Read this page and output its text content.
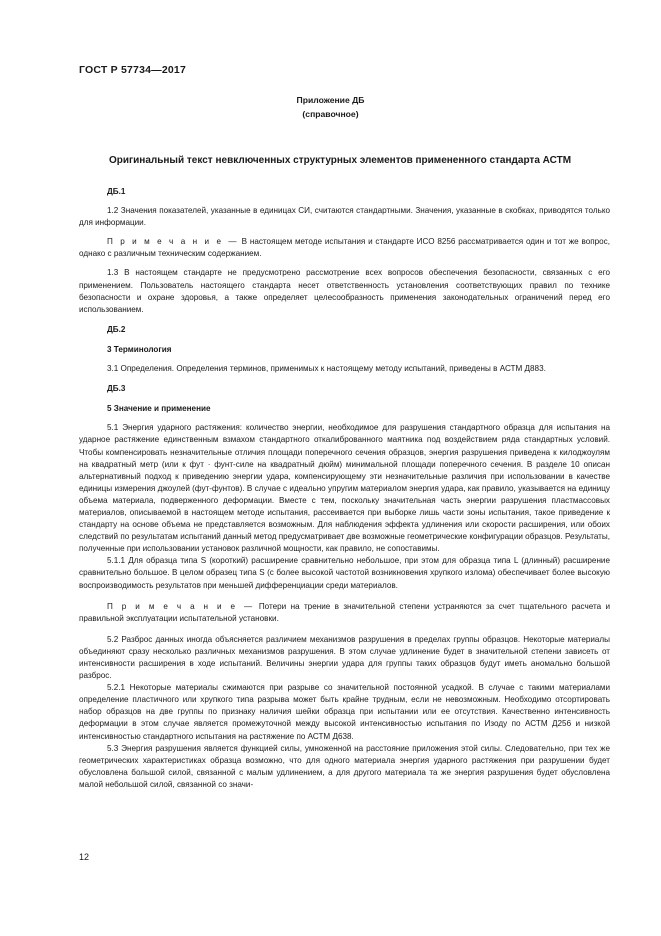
ГОСТ Р 57734—2017
Приложение ДБ
(справочное)
Оригинальный текст невключенных структурных элементов примененного стандарта АСТМ

ДБ.1

1.2 Значения показателей, указанные в единицах СИ, считаются стандартными. Значения, указанные в скобках, приводятся только для информации.

П р и м е ч а н и е — В настоящем методе испытания и стандарте ИСО 8256 рассматривается один и тот же вопрос, однако с различным техническим содержанием.

1.3 В настоящем стандарте не предусмотрено рассмотрение всех вопросов обеспечения безопасности, связанных с его применением. Пользователь настоящего стандарта несет ответственность установления соответствующих правил по технике безопасности и охране здоровья, а также определяет целесообразность применения законодательных ограничений перед его использованием.

ДБ.2

3 Терминология

3.1 Определения. Определения терминов, применимых к настоящему методу испытаний, приведены в АСТМ Д883.

ДБ.3

5 Значение и применение

5.1 Энергия ударного растяжения: количество энергии, необходимое для разрушения стандартного образца для испытания на ударное растяжение единственным взмахом стандартного откалиброванного маятника под воздействием ряда стандартных условий. Чтобы компенсировать незначительные отличия площади поперечного сечения образцов, энергия разрушения приведена к килоджоулям на квадратный метр (или к фут · фунт-силе на квадратный дюйм) минимальной площади поперечного сечения. В разделе 10 описан альтернативный подход к приведению энергии удара, компенсирующему эти незначительные различия при использовании в качестве единицы измерения джоулей (фут-фунтов). В случае с идеально упругим материалом энергия удара, как правило, указывается на единицу объема материала, подверженного деформации. Вместе с тем, поскольку значительная часть энергии разрушения пластмассовых материалов, описываемой в настоящем методе испытания, рассеивается при выборке лишь части зоны испытания, такое приведение к стандарту на основе объема не представляется возможным. Для наблюдения эффекта удлинения или скорости расширения, или обоих следствий по результатам испытаний данный метод предусматривает две возможные геометрические конфигурации образцов. Результаты, полученные при использовании установок различной мощности, как правило, не сопоставимы.

5.1.1 Для образца типа S (короткий) расширение сравнительно небольшое, при этом для образца типа L (длинный) расширение сравнительно большое. В целом образец типа S (с более высокой частотой возникновения хрупкого излома) обеспечивает более высокую воспроизводимость результатов при меньшей дифференциации среди материалов.

П р и м е ч а н и е — Потери на трение в значительной степени устраняются за счет тщательного расчета и правильной эксплуатации испытательной установки.

5.2 Разброс данных иногда объясняется различием механизмов разрушения в пределах группы образцов. Некоторые материалы объединяют сразу несколько различных механизмов разрушения. В этом случае удлинение будет в значительной степени зависеть от интенсивности расширения в ходе испытаний. Величины энергии удара для группы таких образцов будут иметь аномально большой разброс.

5.2.1 Некоторые материалы сжимаются при разрыве со значительной постоянной усадкой. В случае с такими материалами определение пластичного или хрупкого типа разрыва может быть крайне трудным, если не невозможным. Необходимо отсортировать набор образцов на две группы по признаку наличия шейки образца при испытании или ее отсутствия. Качественно интенсивность деформации в этом случае является промежуточной между высокой интенсивностью испытания по Изоду по АСТМ Д256 и низкой интенсивностью стандартного испытания на растяжение по АСТМ Д638.

5.3 Энергия разрушения является функцией силы, умноженной на расстояние приложения этой силы. Следовательно, при тех же геометрических характеристиках образца возможно, что для одного материала энергия ударного растяжения при разрушении будет обусловлена большой силой, связанной с малым удлинением, а для другого материала та же энергия разрушения будет обусловлена малой небольшой силой, связанной со значи-

12
